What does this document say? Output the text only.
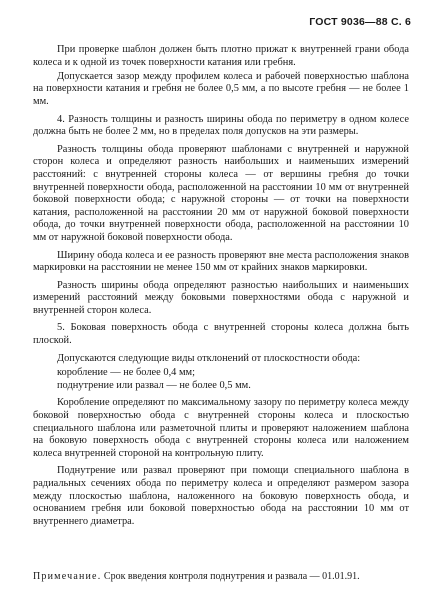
ГОСТ 9036—88 С. 6

При проверке шаблон должен быть плотно прижат к внутренней грани обода колеса и к одной из точек поверхности катания или гребня.

Допускается зазор между профилем колеса и рабочей поверхностью шаблона на поверхности катания и гребня не более 0,5 мм, а по высоте гребня — не более 1 мм.

4. Разность толщины и разность ширины обода по периметру в одном колесе должна быть не более 2 мм, но в пределах поля допусков на эти размеры.

Разность толщины обода проверяют шаблонами с внутренней и наружной сторон колеса и определяют разность наибольших и наименьших измерений расстояний: с внутренней стороны колеса — от вершины гребня до точки внутренней поверхности обода, расположенной на расстоянии 10 мм от внутренней боковой поверхности обода; с наружной стороны — от точки на поверхности катания, расположенной на расстоянии 20 мм от наружной боковой поверхности обода, до точки внутренней поверхности обода, расположенной на расстоянии 10 мм от наружной боковой поверхности обода.

Ширину обода колеса и ее разность проверяют вне места расположения знаков маркировки на расстоянии не менее 150 мм от крайних знаков маркировки.

Разность ширины обода определяют разностью наибольших и наименьших измерений расстояний между боковыми поверхностями обода с наружной и внутренней сторон колеса.

5. Боковая поверхность обода с внутренней стороны колеса должна быть плоской.

Допускаются следующие виды отклонений от плоскостности обода:

коробление — не более 0,4 мм;
поднутрение или развал — не более 0,5 мм.

Коробление определяют по максимальному зазору по периметру колеса между боковой поверхностью обода с внутренней стороны колеса и плоскостью специального шаблона или разметочной плиты и проверяют наложением шаблона на боковую поверхность обода с внутренней стороны колеса или наложением колеса внутренней стороной на контрольную плиту.

Поднутрение или развал проверяют при помощи специального шаблона в радиальных сечениях обода по периметру колеса и определяют размером зазора между плоскостью шаблона, наложенного на боковую поверхность обода, и основанием гребня или боковой поверхностью обода на расстоянии 10 мм от внутреннего диаметра.

Примечание. Срок введения контроля поднутрения и развала — 01.01.91.
